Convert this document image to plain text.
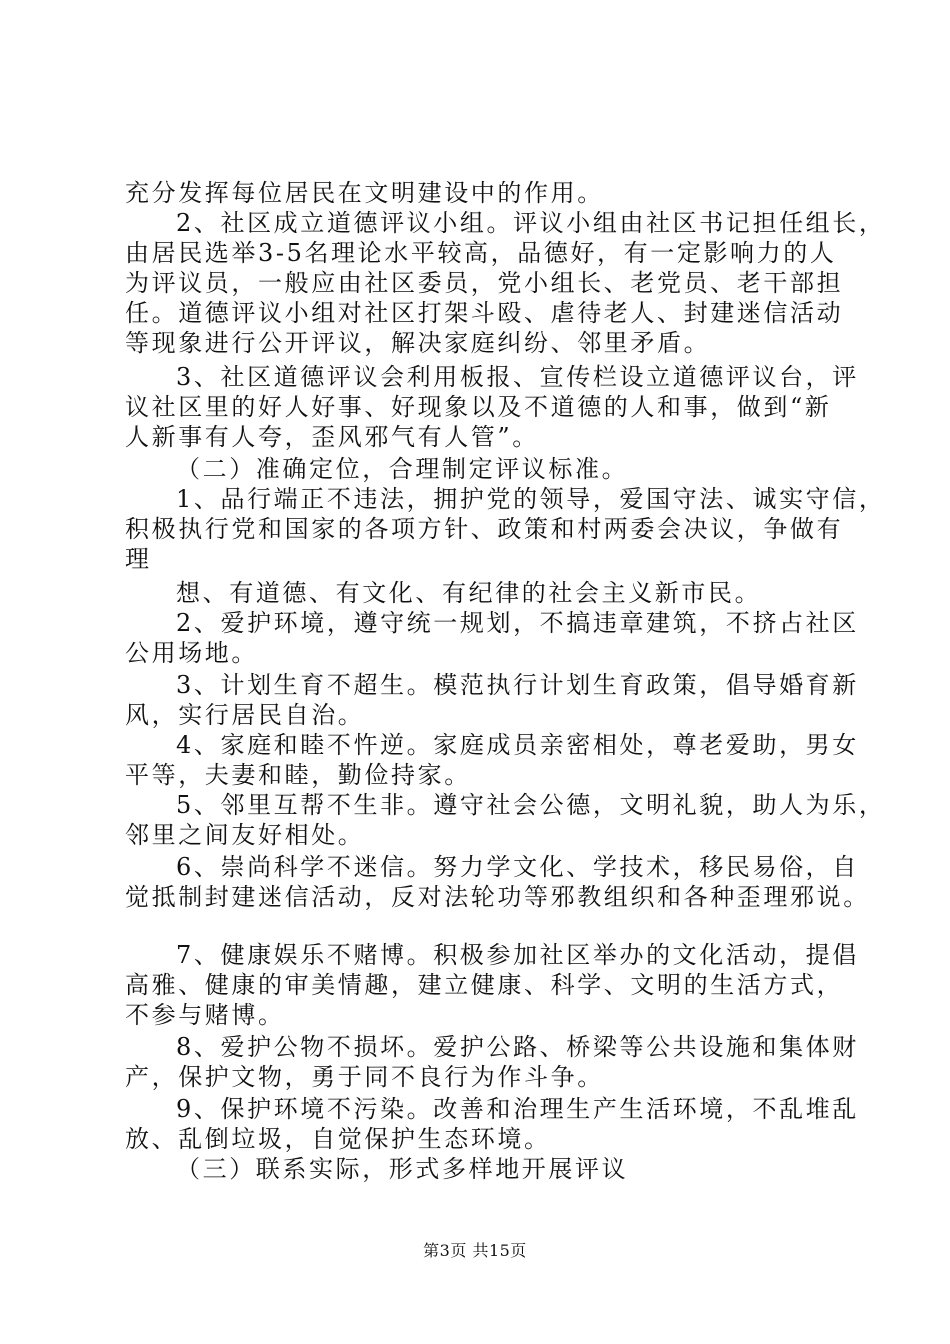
充分发挥每位居民在文明建设中的作用。

2、社区成立道德评议小组。评议小组由社区书记担任组长，

由居民选举3-5名理论水平较高，品德好，有一定影响力的人

为评议员，一般应由社区委员，党小组长、老党员、老干部担

任。道德评议小组对社区打架斗殴、虐待老人、封建迷信活动

等现象进行公开评议，解决家庭纠纷、邻里矛盾。

3、社区道德评议会利用板报、宣传栏设立道德评议台，评

议社区里的好人好事、好现象以及不道德的人和事，做到“新

人新事有人夸，歪风邪气有人管”。

（二）准确定位，合理制定评议标准。

1、品行端正不违法，拥护党的领导，爱国守法、诚实守信，

积极执行党和国家的各项方针、政策和村两委会决议，争做有

理

想、有道德、有文化、有纪律的社会主义新市民。

2、爱护环境，遵守统一规划，不搞违章建筑，不挤占社区

公用场地。

3、计划生育不超生。模范执行计划生育政策，倡导婚育新

风，实行居民自治。

4、家庭和睦不忤逆。家庭成员亲密相处，尊老爱助，男女

平等，夫妻和睦，勤俭持家。

5、邻里互帮不生非。遵守社会公德，文明礼貌，助人为乐，

邻里之间友好相处。

6、崇尚科学不迷信。努力学文化、学技术，移民易俗，自

觉抵制封建迷信活动，反对法轮功等邪教组织和各种歪理邪说。

7、健康娱乐不赌博。积极参加社区举办的文化活动，提倡

高雅、健康的审美情趣，建立健康、科学、文明的生活方式，

不参与赌博。

8、爱护公物不损坏。爱护公路、桥梁等公共设施和集体财

产，保护文物，勇于同不良行为作斗争。

9、保护环境不污染。改善和治理生产生活环境，不乱堆乱

放、乱倒垃圾，自觉保护生态环境。

（三）联系实际，形式多样地开展评议

第3页 共15页
